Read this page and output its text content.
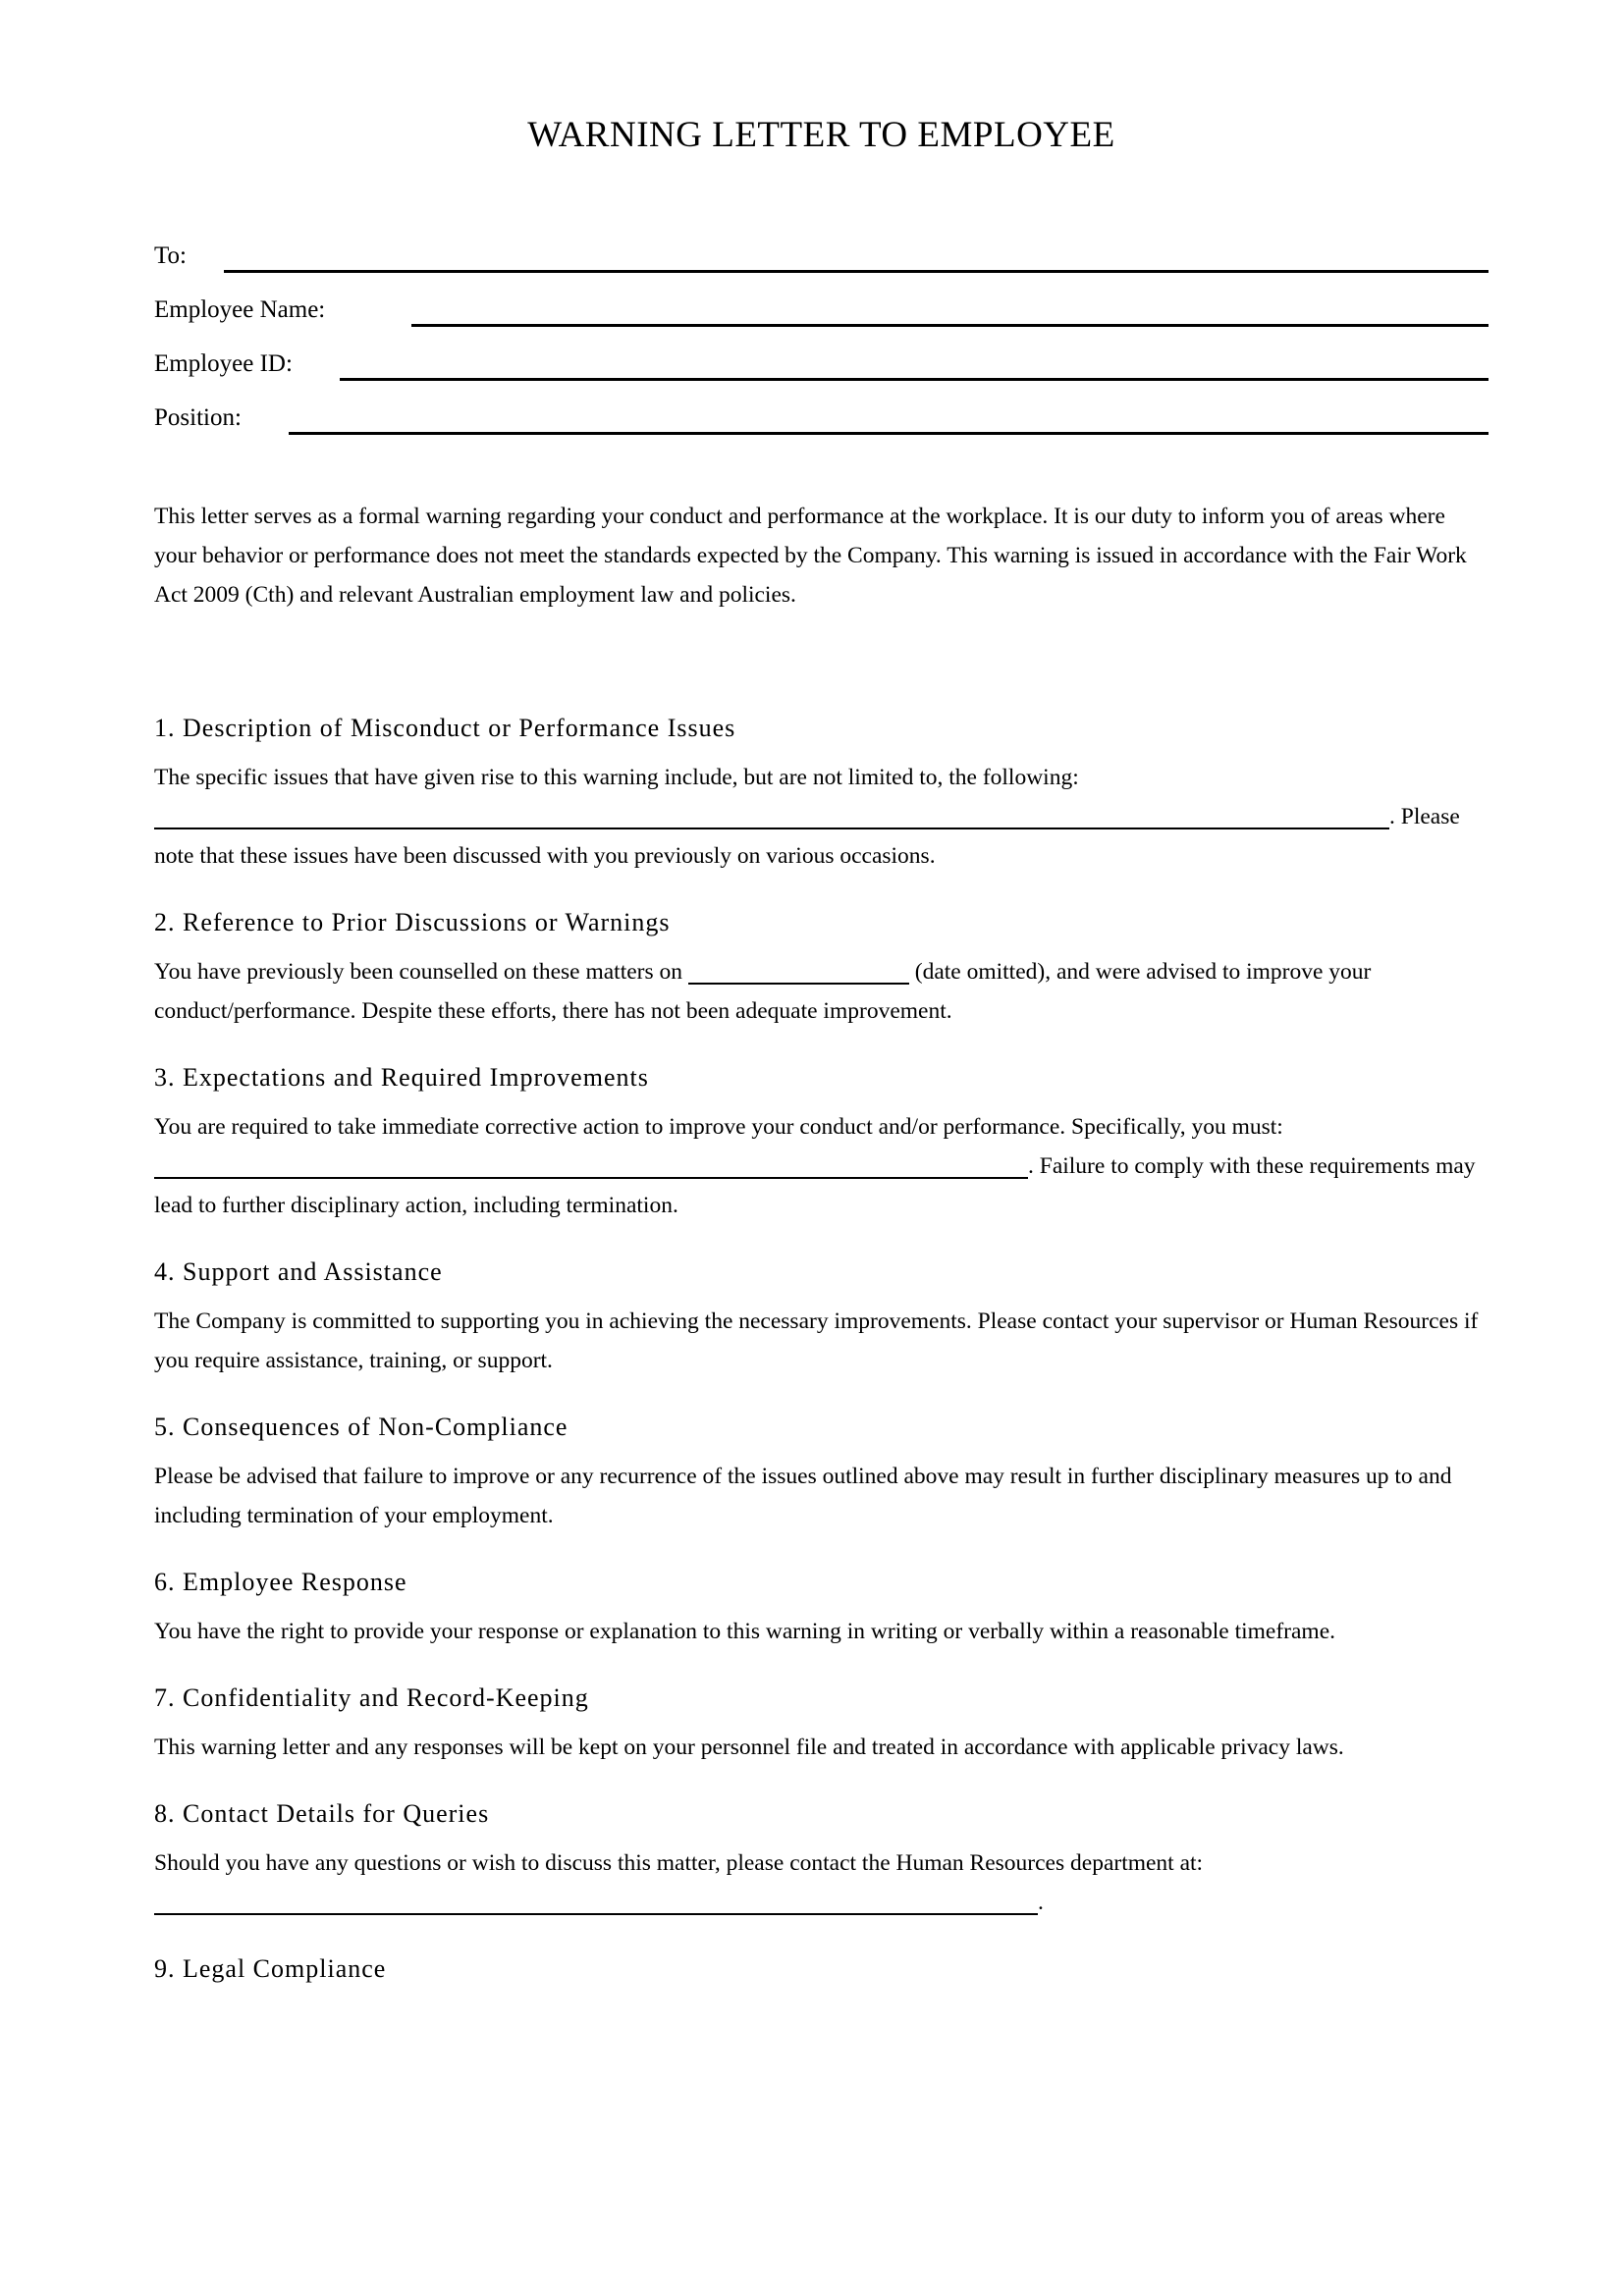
WARNING LETTER TO EMPLOYEE
To:
Employee Name:
Employee ID:
Position:

This letter serves as a formal warning regarding your conduct and performance at the workplace. It is our duty to inform you of areas where your behavior or performance does not meet the standards expected by the Company. This warning is issued in accordance with the Fair Work Act 2009 (Cth) and relevant Australian employment law and policies.

1. Description of Misconduct or Performance Issues

The specific issues that have given rise to this warning include, but are not limited to, the following: . Please note that these issues have been discussed with you previously on various occasions.

2. Reference to Prior Discussions or Warnings

You have previously been counselled on these matters on	(date omitted), and were advised to improve your conduct/performance. Despite these efforts, there has not been adequate improvement.

3. Expectations and Required Improvements

You are required to take immediate corrective action to improve your conduct and/or performance. Specifically, you must: . Failure to comply with these requirements may lead to further disciplinary action, including termination.

4. Support and Assistance

The Company is committed to supporting you in achieving the necessary improvements. Please contact your supervisor or Human Resources if you require assistance, training, or support.

5. Consequences of Non-Compliance

Please be advised that failure to improve or any recurrence of the issues outlined above may result in further disciplinary measures up to and including termination of your employment.

6. Employee Response

You have the right to provide your response or explanation to this warning in writing or verbally within a reasonable timeframe.

7. Confidentiality and Record-Keeping

This warning letter and any responses will be kept on your personnel file and treated in accordance with applicable privacy laws.

8. Contact Details for Queries

Should you have any questions or wish to discuss this matter, please contact the Human Resources department at: .

9. Legal Compliance
